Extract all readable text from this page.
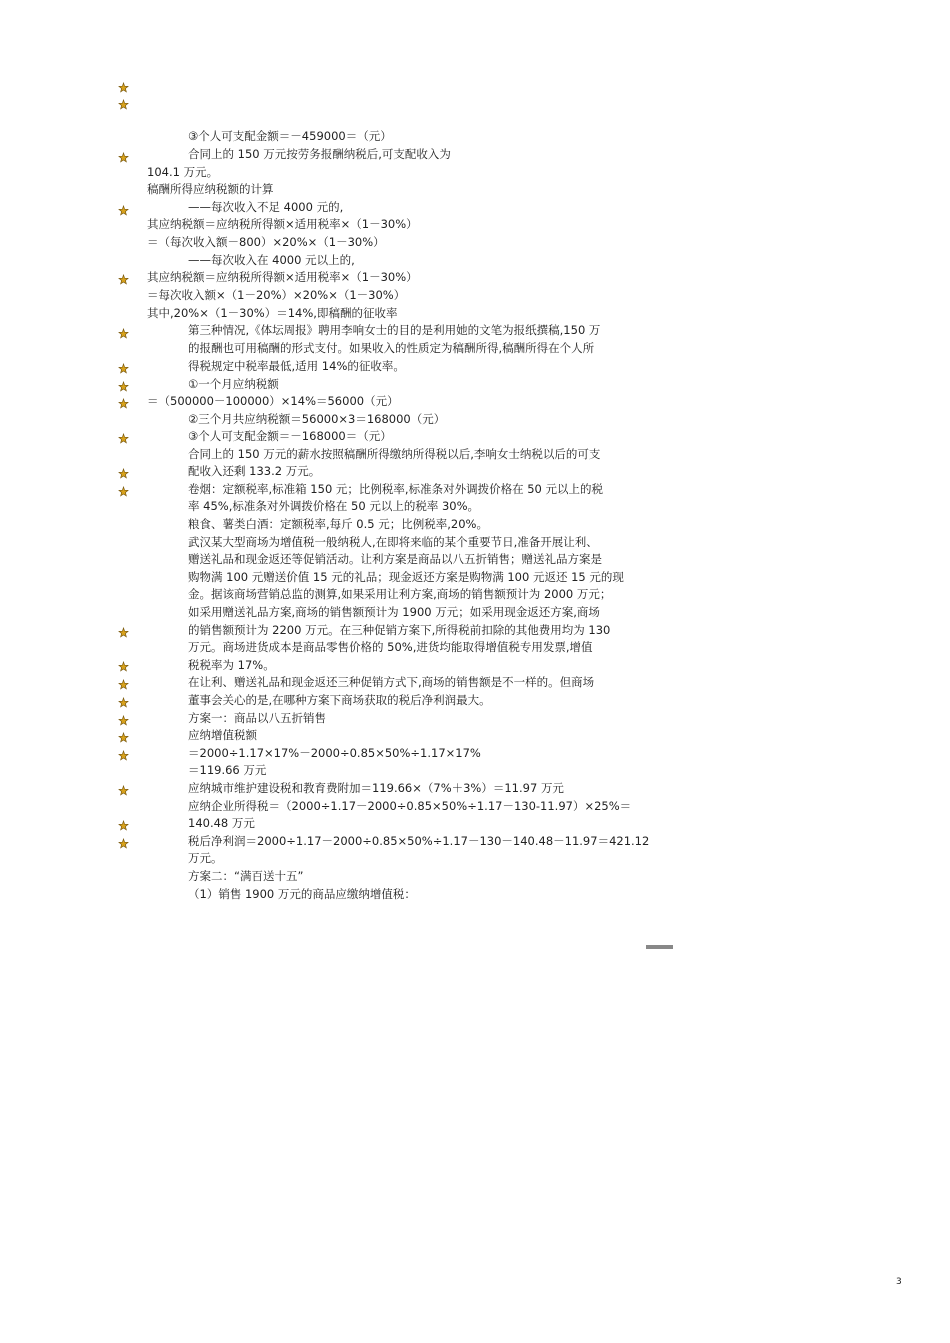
③个人可支配金额＝－459000＝（元）
合同上的 150 万元按劳务报酬纳税后,可支配收入为
104.1 万元。
稿酬所得应纳税额的计算
——每次收入不足 4000 元的,
其应纳税额＝应纳税所得额×适用税率×（1－30%）
＝（每次收入额－800）×20%×（1－30%）
——每次收入在 4000 元以上的,
其应纳税额＝应纳税所得额×适用税率×（1－30%）
＝每次收入额×（1－20%）×20%×（1－30%）
其中,20%×（1－30%）＝14%,即稿酬的征收率
第三种情况,《体坛周报》聘用李响女士的目的是利用她的文笔为报纸撰稿,150 万
的报酬也可用稿酬的形式支付。如果收入的性质定为稿酬所得,稿酬所得在个人所
得税规定中税率最低,适用 14%的征收率。
①一个月应纳税额
＝（500000－100000）×14%＝56000（元）
②三个月共应纳税额＝56000×3＝168000（元）
③个人可支配金额＝－168000＝（元）
合同上的 150 万元的薪水按照稿酬所得缴纳所得税以后,李响女士纳税以后的可支
配收入还剩 133.2 万元。
卷烟：定额税率,标准箱 150 元；比例税率,标准条对外调拨价格在 50 元以上的税
率 45%,标准条对外调拨价格在 50 元以上的税率 30%。
粮食、薯类白酒：定额税率,每斤 0.5 元；比例税率,20%。
武汉某大型商场为增值税一般纳税人,在即将来临的某个重要节日,准备开展让利、
赠送礼品和现金返还等促销活动。让利方案是商品以八五折销售；赠送礼品方案是
购物满 100 元赠送价值 15 元的礼品；现金返还方案是购物满 100 元返还 15 元的现
金。据该商场营销总监的测算,如果采用让利方案,商场的销售额预计为 2000 万元；
如采用赠送礼品方案,商场的销售额预计为 1900 万元；如采用现金返还方案,商场
的销售额预计为 2200 万元。在三种促销方案下,所得税前扣除的其他费用均为 130
万元。商场进货成本是商品零售价格的 50%,进货均能取得增值税专用发票,增值
税税率为 17%。
在让利、赠送礼品和现金返还三种促销方式下,商场的销售额是不一样的。但商场
董事会关心的是,在哪种方案下商场获取的税后净利润最大。
方案一：商品以八五折销售
应纳增值税额
＝2000÷1.17×17%－2000÷0.85×50%÷1.17×17%
＝119.66 万元
应纳城市维护建设税和教育费附加＝119.66×（7%＋3%）＝11.97 万元
应纳企业所得税＝（2000÷1.17－2000÷0.85×50%÷1.17－130-11.97）×25%＝
140.48 万元
税后净利润＝2000÷1.17－2000÷0.85×50%÷1.17－130－140.48－11.97＝421.12
万元。
方案二：“满百送十五”
（1）销售 1900 万元的商品应缴纳增值税：
3
